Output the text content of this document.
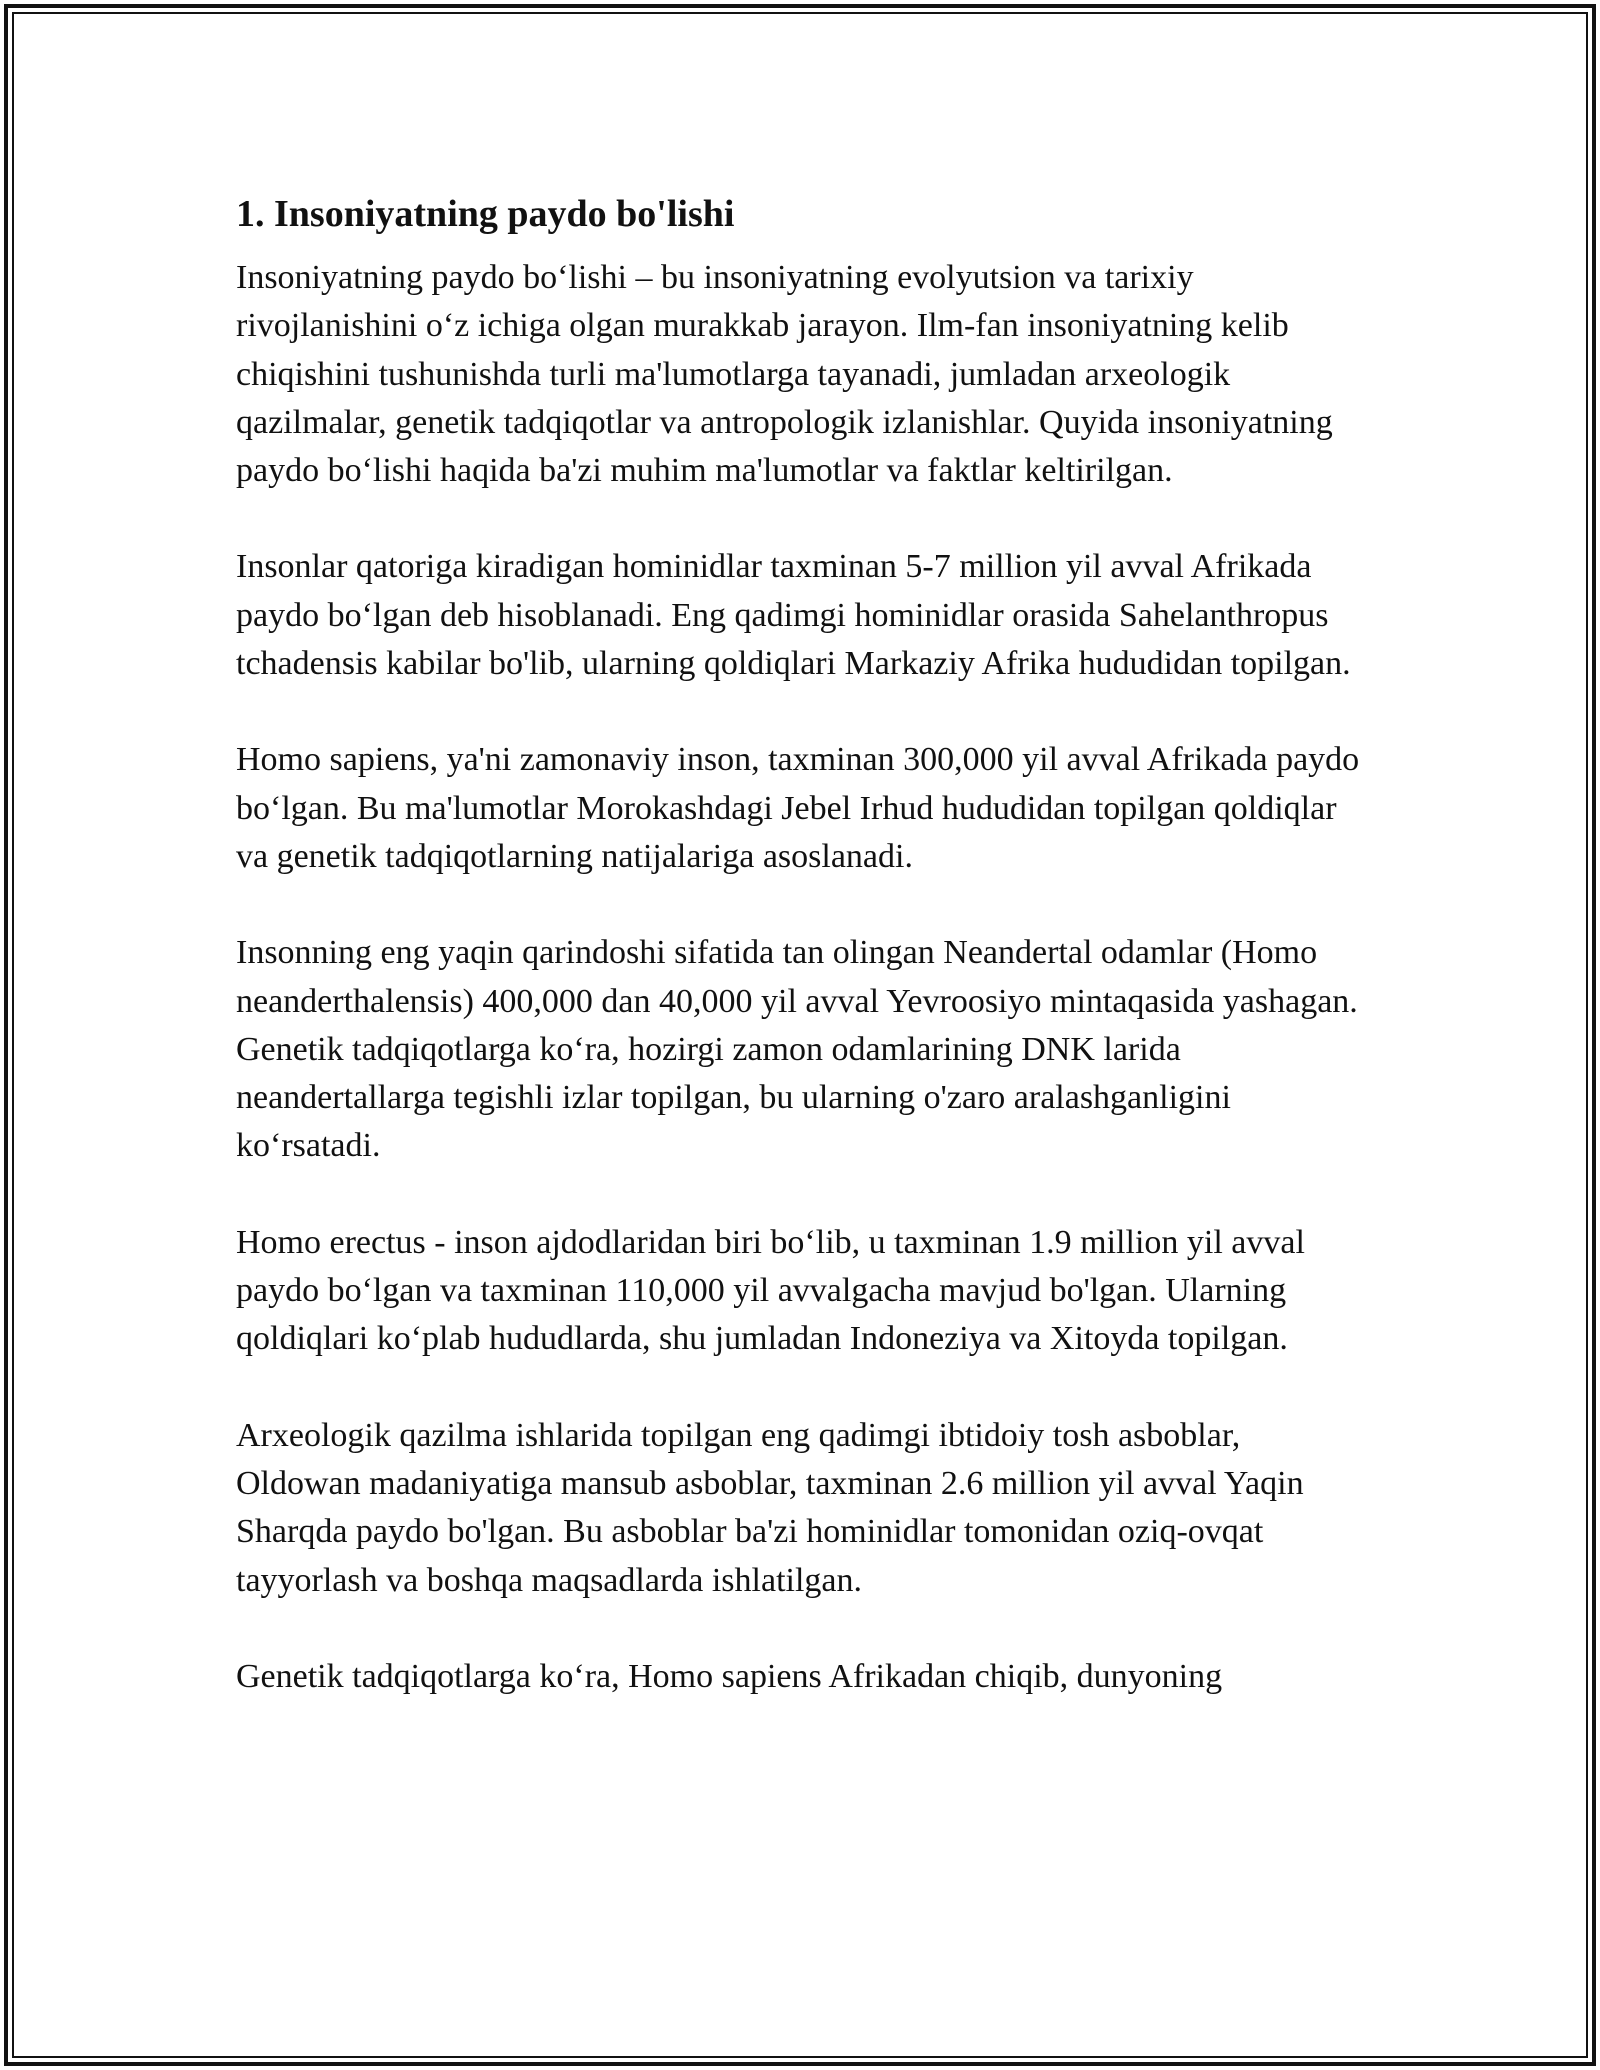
1. Insoniyatning paydo bo'lishi

Insoniyatning paydo boʻlishi – bu insoniyatning evolyutsion va tarixiy rivojlanishini oʻz ichiga olgan murakkab jarayon. Ilm-fan insoniyatning kelib chiqishini tushunishda turli ma'lumotlarga tayanadi, jumladan arxeologik qazilmalar, genetik tadqiqotlar va antropologik izlanishlar. Quyida insoniyatning paydo boʻlishi haqida ba'zi muhim ma'lumotlar va faktlar keltirilgan.

Insonlar qatoriga kiradigan hominidlar taxminan 5-7 million yil avval Afrikada paydo boʻlgan deb hisoblanadi. Eng qadimgi hominidlar orasida Sahelanthropus tchadensis kabilar bo'lib, ularning qoldiqlari Markaziy Afrika hududidan topilgan.

Homo sapiens, ya'ni zamonaviy inson, taxminan 300,000 yil avval Afrikada paydo boʻlgan. Bu ma'lumotlar Morokashdagi Jebel Irhud hududidan topilgan qoldiqlar va genetik tadqiqotlarning natijalariga asoslanadi.

Insonning eng yaqin qarindoshi sifatida tan olingan Neandertal odamlar (Homo neanderthalensis) 400,000 dan 40,000 yil avval Yevroosiyo mintaqasida yashagan. Genetik tadqiqotlarga koʻra, hozirgi zamon odamlarining DNK larida neandertallarga tegishli izlar topilgan, bu ularning o'zaro aralashganligini koʻrsatadi.

Homo erectus - inson ajdodlaridan biri boʻlib, u taxminan 1.9 million yil avval paydo boʻlgan va taxminan 110,000 yil avvalgacha mavjud bo'lgan. Ularning qoldiqlari koʻplab hududlarda, shu jumladan Indoneziya va Xitoyda topilgan.

Arxeologik qazilma ishlarida topilgan eng qadimgi ibtidoiy tosh asboblar, Oldowan madaniyatiga mansub asboblar, taxminan 2.6 million yil avval Yaqin Sharqda paydo bo'lgan. Bu asboblar ba'zi hominidlar tomonidan oziq-ovqat tayyorlash va boshqa maqsadlarda ishlatilgan.

Genetik tadqiqotlarga koʻra, Homo sapiens Afrikadan chiqib, dunyoning
